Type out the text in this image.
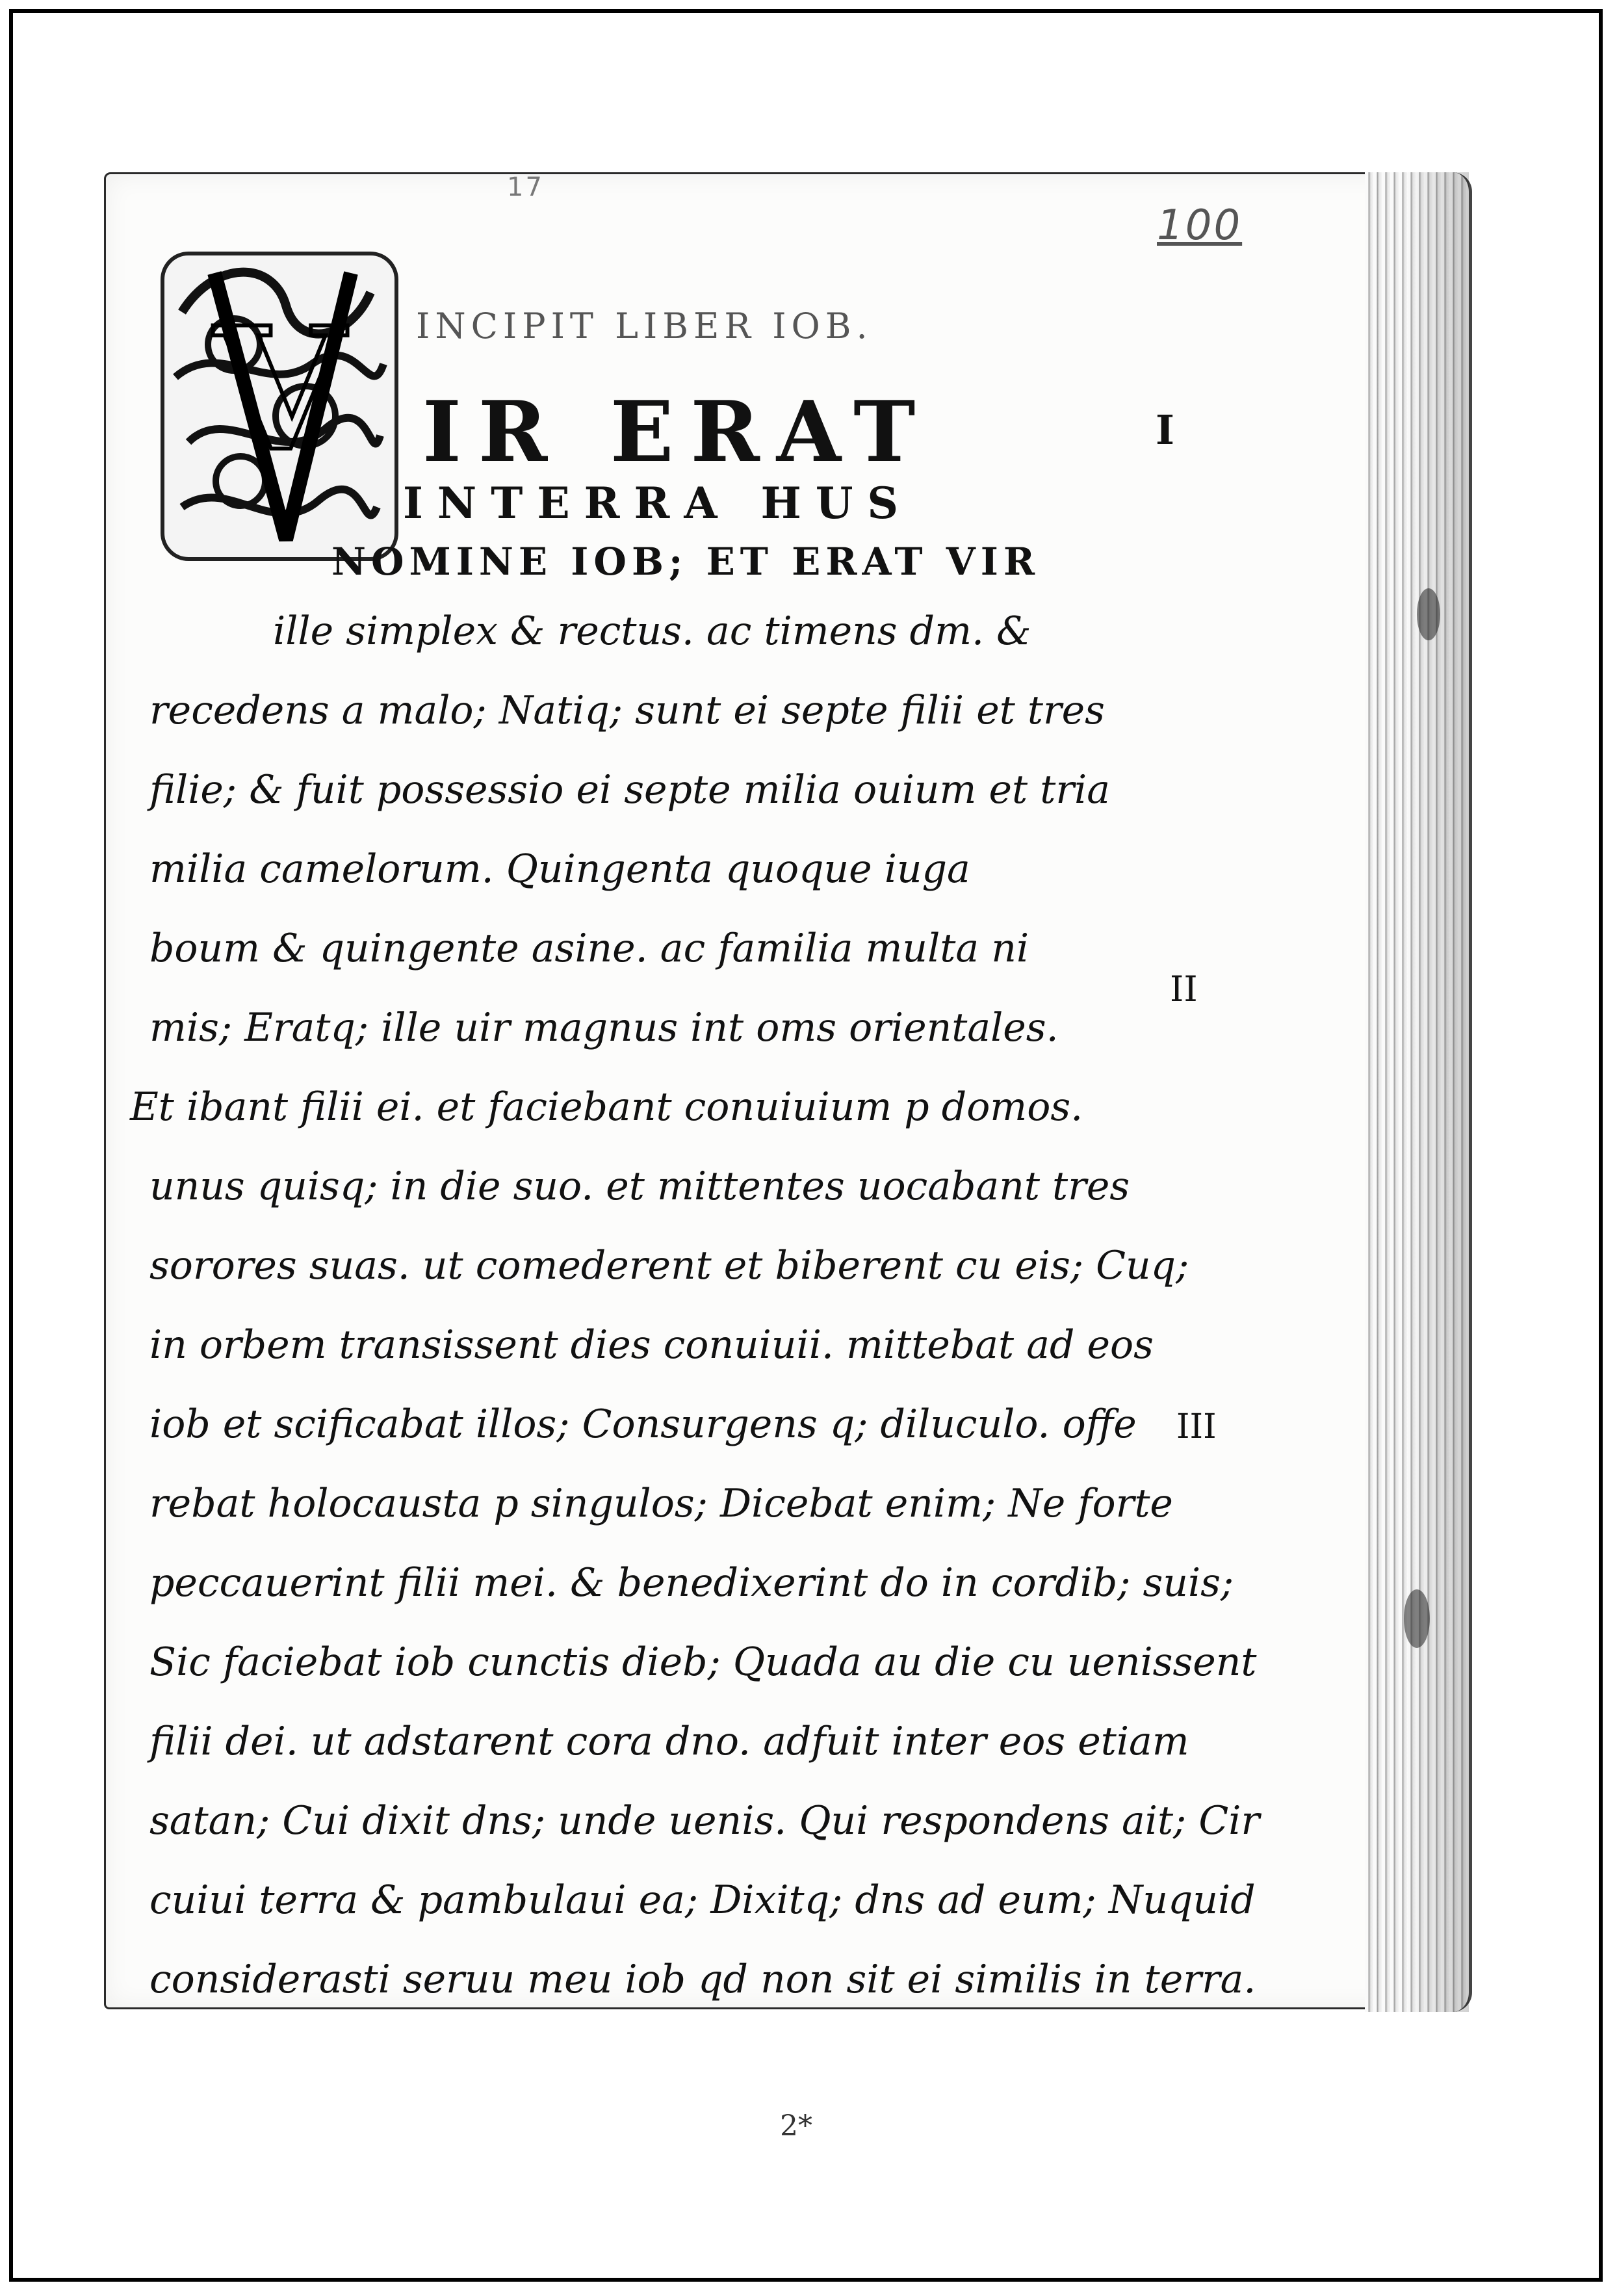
100
17
INCIPIT LIBER IOB.
V IR ERAT
INTERRA HUS
NOMINE IOB; ET ERAT VIR
I
II
III
ille simplex & rectus. ac timens dm. &
recedens a malo; Natiq; sunt ei septe filii et tres
filie; & fuit possessio ei septe milia ouium et tria
milia camelorum. Quingenta quoque iuga
boum & quingente asine. ac familia multa ni
mis; Eratq; ille uir magnus int oms orientales.
Et ibant filii ei. et faciebant conuiuium p domos.
unus quisq; in die suo. et mittentes uocabant tres
sorores suas. ut comederent et biberent cu eis; Cuq;
in orbem transissent dies conuiuii. mittebat ad eos
iob et scificabat illos; Consurgens q; diluculo. offe
rebat holocausta p singulos; Dicebat enim; Ne forte
peccauerint filii mei. & benedixerint do in cordib; suis;
Sic faciebat iob cunctis dieb; Quada au die cu uenissent
filii dei. ut adstarent cora dno. adfuit inter eos etiam
satan; Cui dixit dns; unde uenis. Qui respondens ait; Cir
cuiui terra & pambulaui ea; Dixitq; dns ad eum; Nuquid
considerasti seruu meu iob qd non sit ei similis in terra.
2*
